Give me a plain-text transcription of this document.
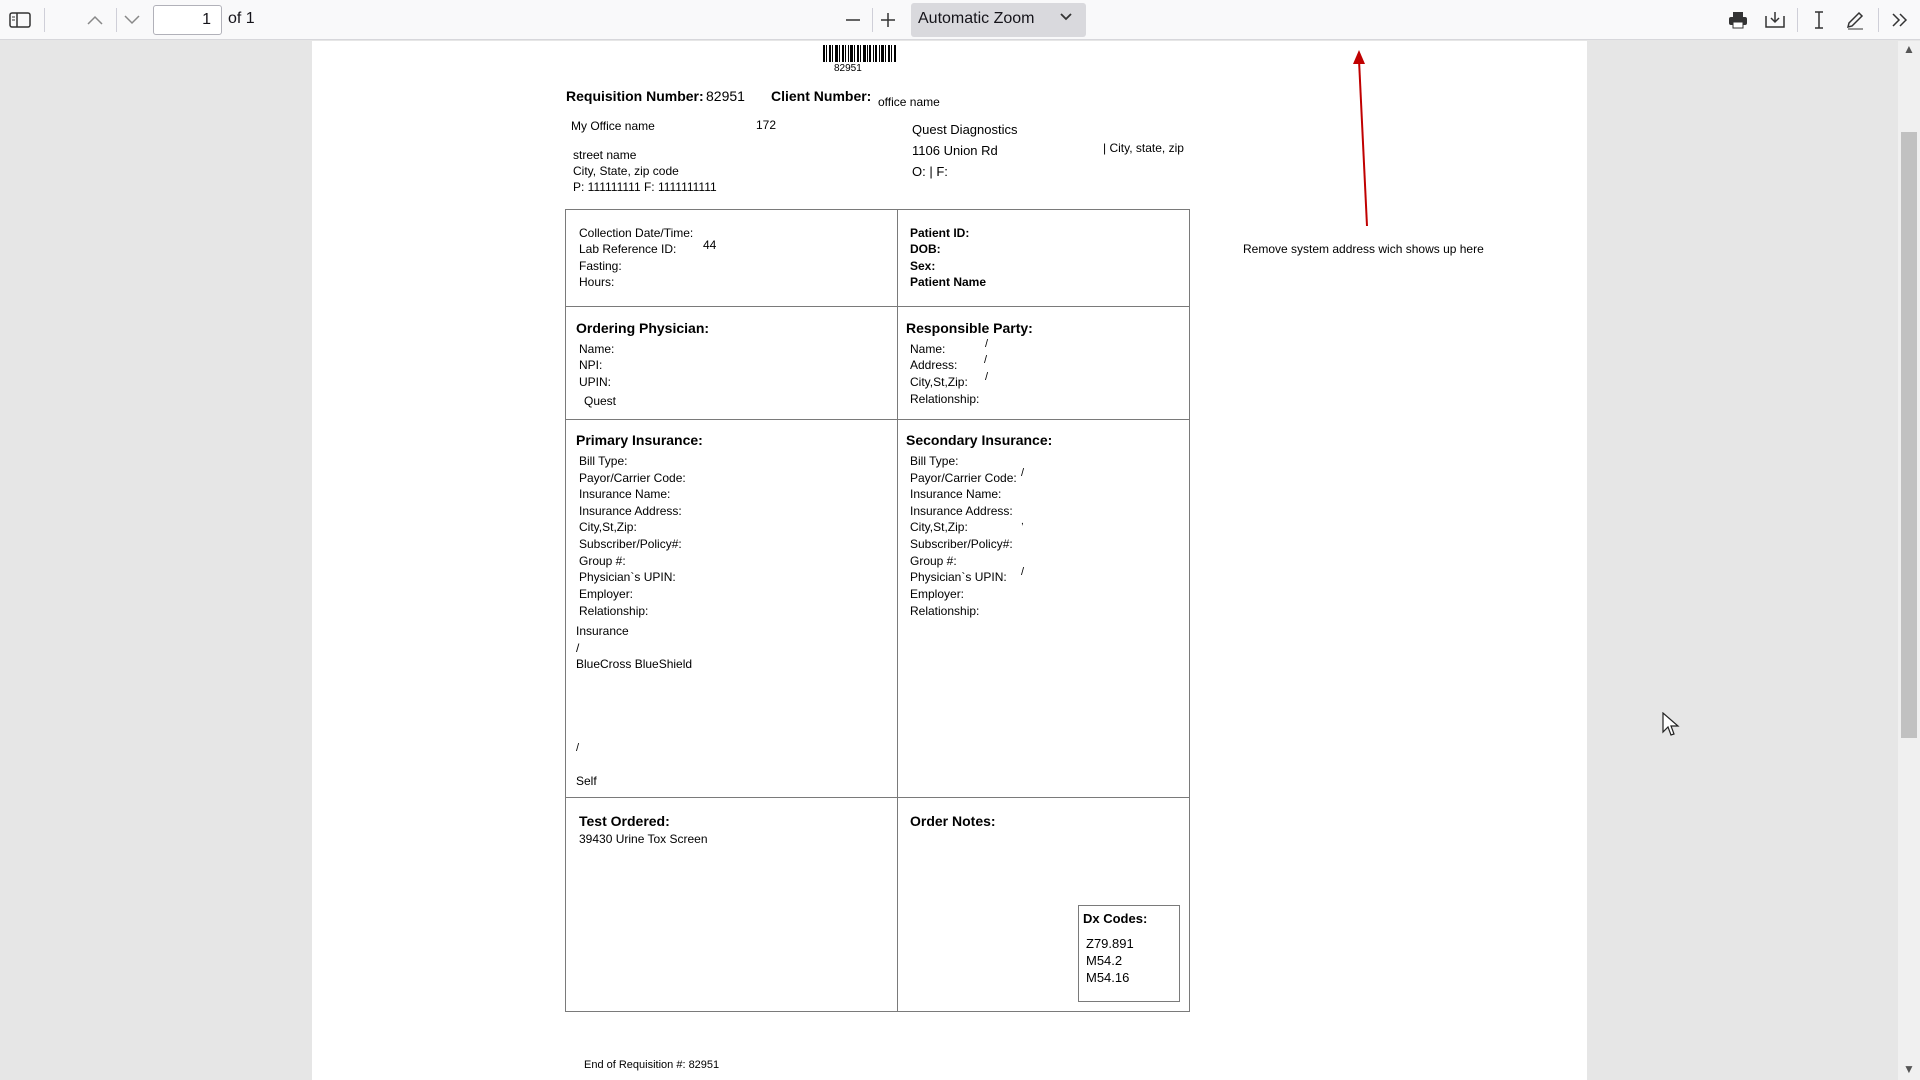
1	of 1	Automatic Zoom
▲
▼
82951
Requisition Number: 82951 Client Number: office name
My Office name	172
street name
City, State, zip code
P: 111111111 F: 1111111111
Quest Diagnostics
1106 Union Rd	| City, state, zip
O: | F:
Remove system address wich shows up here
Collection Date/Time:
Lab Reference ID: 44
Fasting:
Hours:
Patient ID:
DOB:
Sex:
Patient Name
Ordering Physician:
Name:
NPI:
UPIN:
Quest
Responsible Party:
Name:
Address:
City,St,Zip:
Relationship:
/
/
/
Primary Insurance:
Bill Type:
Payor/Carrier Code:
Insurance Name:
Insurance Address:
City,St,Zip:
Subscriber/Policy#:
Group #:
Physician`s UPIN:
Employer:
Relationship:
Insurance
/
BlueCross BlueShield
/
Self
Secondary Insurance:
Bill Type:
Payor/Carrier Code: /
Insurance Name:
Insurance Address:
City,St,Zip:	,
Subscriber/Policy#:
Group #:
Physician`s UPIN: /
Employer:
Relationship:
Test Ordered:
39430 Urine Tox Screen
Order Notes:
Dx Codes:
Z79.891
M54.2
M54.16
End of Requisition #: 82951
